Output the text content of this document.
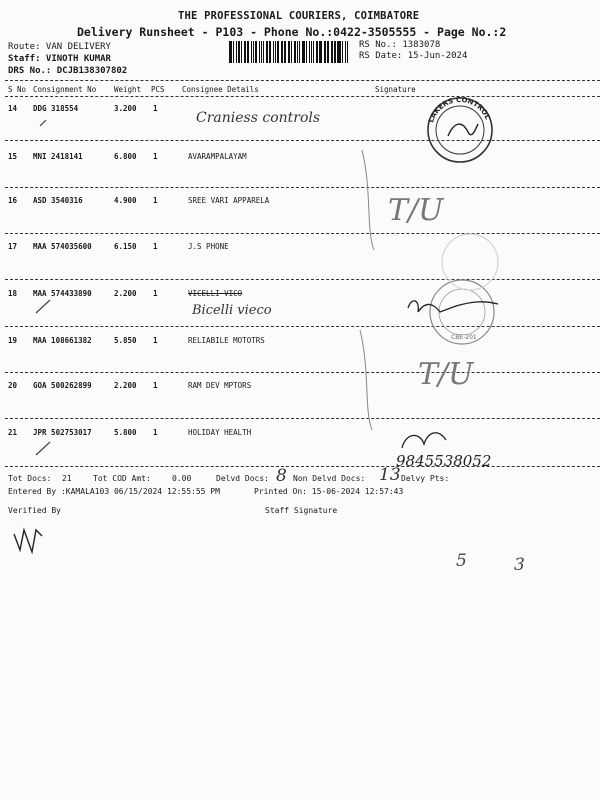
THE PROFESSIONAL COURIERS, COIMBATORE
Delivery Runsheet - P103 - Phone No.:0422-3505555 - Page No.:2
Route: VAN DELIVERY
Staff: VINOTH KUMAR
DRS No.: DCJB138307802
RS No.: 1383078
RS Date: 15-Jun-2024
S No Consignment No Weight PCS Consignee Details	Signature
14 DDG 318554	3.200 1
Craniess controls
15 MNI 2418141	6.800 1	AVARAMPALAYAM
16 ASD 3540316	4.900 1	SREE VARI APPARELA
17 MAA 574035600	6.150 1	J.S PHONE
18 MAA 574433890	2.200 1	VICELLI VICO
Bicelli vieco
19 MAA 108661382	5.850 1	RELIABILE MOTOTRS
20 GOA 500262899	2.200 1	RAM DEV MPTORS
21 JPR 502753017	5.800 1	HOLIDAY HEALTH
Tot Docs: 21	Tot COD Amt:	0.00	Delvd Docs: 8 Non Delvd Docs: 13 Delvy Pts:
Entered By :KAMALA103 06/15/2024 12:55:55 PM	Printed On: 15-06-2024 12:57:43
Verified By	Staff Signature
LAKERS CONTROL
CBE-201
T/U
T/U
9845538052
5	3
